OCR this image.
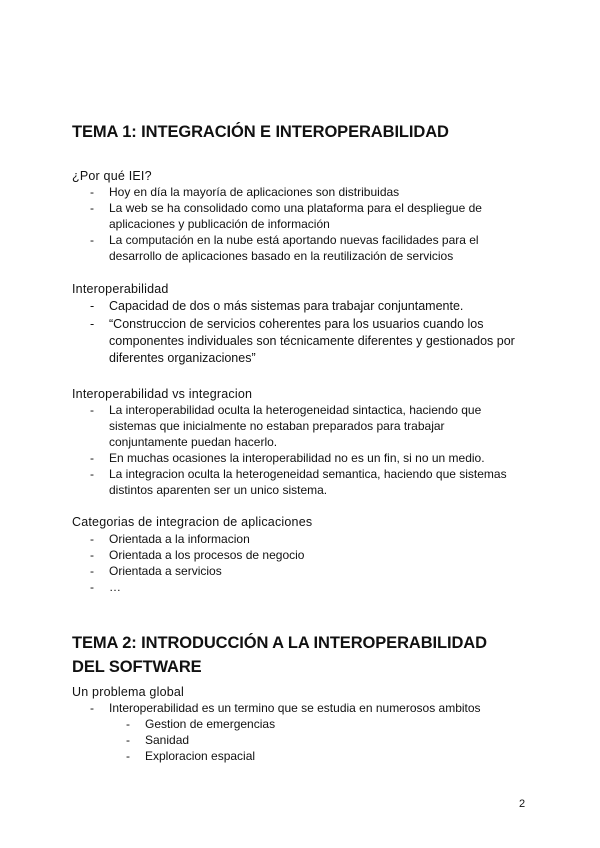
TEMA 1: INTEGRACIÓN E INTEROPERABILIDAD
¿Por qué IEI?
- Hoy en día la mayoría de aplicaciones son distribuidas
- La web se ha consolidado como una plataforma para el despliegue de aplicaciones y publicación de información
- La computación en la nube está aportando nuevas facilidades para el desarrollo de aplicaciones basado en la reutilización de servicios
Interoperabilidad
- Capacidad de dos o más sistemas para trabajar conjuntamente.
- “Construccion de servicios coherentes para los usuarios cuando los componentes individuales son técnicamente diferentes y gestionados por diferentes organizaciones”
Interoperabilidad vs integracion
- La interoperabilidad oculta la heterogeneidad sintactica, haciendo que sistemas que inicialmente no estaban preparados para trabajar conjuntamente puedan hacerlo.
- En muchas ocasiones la interoperabilidad no es un fin, si no un medio.
- La integracion oculta la heterogeneidad semantica, haciendo que sistemas distintos aparenten ser un unico sistema.
Categorias de integracion de aplicaciones
- Orientada a la informacion
- Orientada a los procesos de negocio
- Orientada a servicios
- …
TEMA 2: INTRODUCCIÓN A LA INTEROPERABILIDAD
DEL SOFTWARE
Un problema global
- Interoperabilidad es un termino que se estudia en numerosos ambitos
- Gestion de emergencias
- Sanidad
- Exploracion espacial
2
